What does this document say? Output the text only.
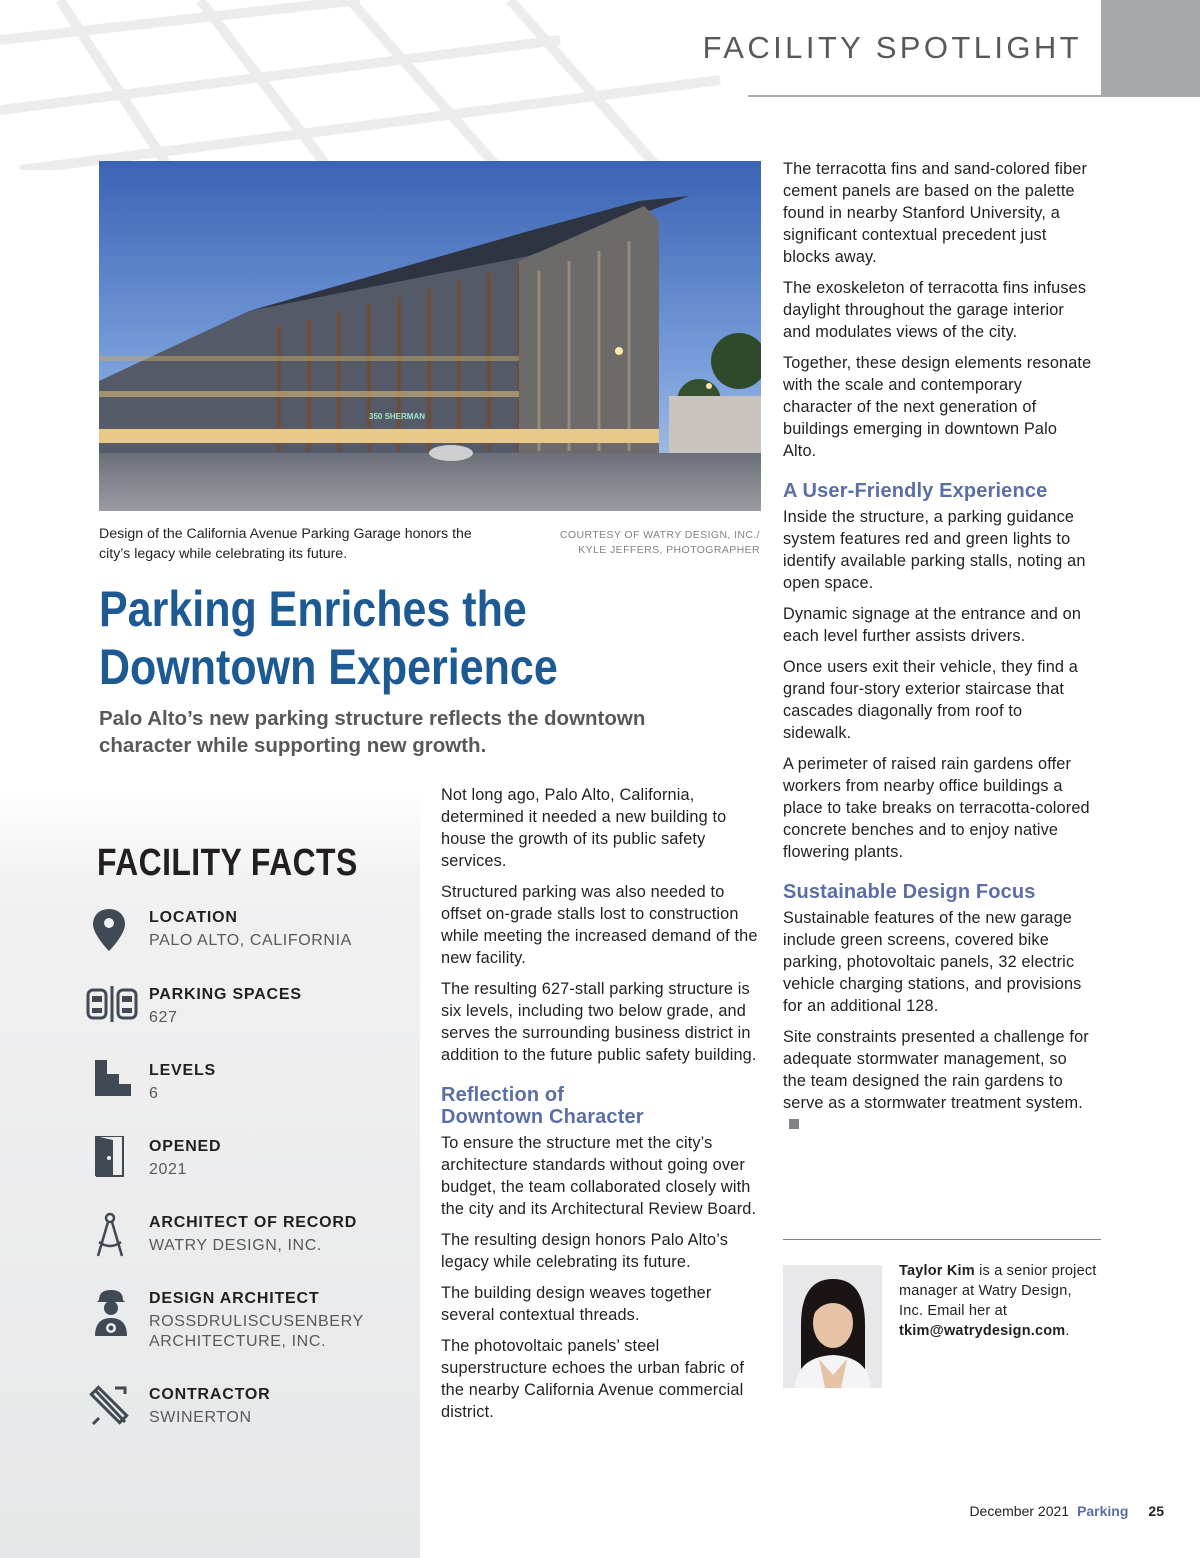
FACILITY SPOTLIGHT
350 SHERMAN
Design of the California Avenue Parking Garage honors the city’s legacy while celebrating its future.
COURTESY OF WATRY DESIGN, INC./
KYLE JEFFERS, PHOTOGRAPHER
Parking Enriches the
Downtown Experience
Palo Alto’s new parking structure reflects the downtown character while supporting new growth.
FACILITY FACTS
LOCATION
PALO ALTO, CALIFORNIA
PARKING SPACES
627
LEVELS
6
OPENED
2021
ARCHITECT OF RECORD
WATRY DESIGN, INC.
DESIGN ARCHITECT
ROSSDRULISCUSENBERY ARCHITECTURE, INC.
CONTRACTOR
SWINERTON

Not long ago, Palo Alto, California, determined it needed a new building to house the growth of its public safety services.

Structured parking was also needed to offset on-grade stalls lost to construction while meeting the increased demand of the new facility.

The resulting 627-stall parking structure is six levels, including two below grade, and serves the surrounding business district in addition to the future public safety building.

Reflection of
Downtown Character

To ensure the structure met the city’s architecture standards without going over budget, the team collaborated closely with the city and its Architectural Review Board.

The resulting design honors Palo Alto’s legacy while celebrating its future.

The building design weaves together several contextual threads.

The photovoltaic panels’ steel superstructure echoes the urban fabric of the nearby California Avenue commercial district.

The terracotta fins and sand-colored fiber cement panels are based on the palette found in nearby Stanford University, a significant contextual precedent just blocks away.

The exoskeleton of terracotta fins infuses daylight throughout the garage interior and modulates views of the city.

Together, these design elements resonate with the scale and contemporary character of the next generation of buildings emerging in downtown Palo Alto.

A User-Friendly Experience

Inside the structure, a parking guidance system features red and green lights to identify available parking stalls, noting an open space.

Dynamic signage at the entrance and on each level further assists drivers.

Once users exit their vehicle, they find a grand four-story exterior staircase that cascades diagonally from roof to sidewalk.

A perimeter of raised rain gardens offer workers from nearby office buildings a place to take breaks on terracotta-colored concrete benches and to enjoy native flowering plants.

Sustainable Design Focus

Sustainable features of the new garage include green screens, covered bike parking, photovoltaic panels, 32 electric vehicle charging stations, and provisions for an additional 128.

Site constraints presented a challenge for adequate stormwater management, so the team designed the rain gardens to serve as a stormwater treatment system.

Taylor Kim is a senior project manager at Watry Design, Inc. Email her at tkim@watrydesign.com.
December 2021 Parking 25
